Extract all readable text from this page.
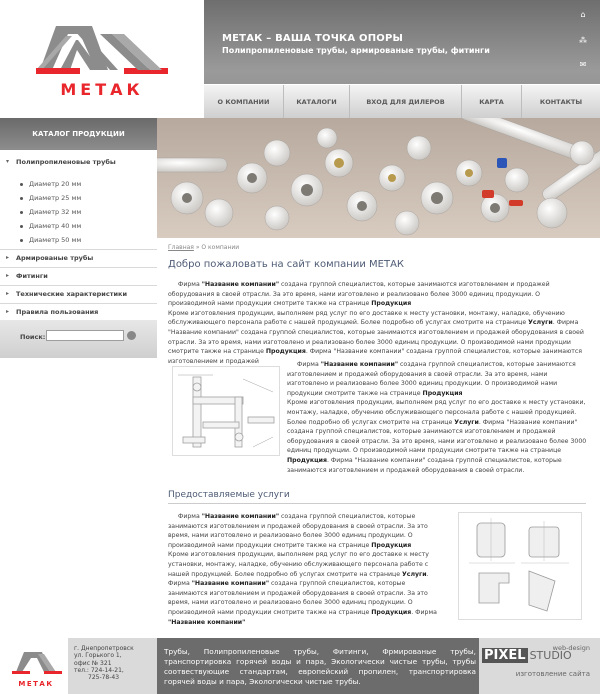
МЕТАК
МЕТАК – ВАША ТОЧКА ОПОРЫ
Полипропиленовые трубы, армированые трубы, фитинги
⌂
⁂
✉
О КОМПАНИИ	КАТАЛОГИ	ВХОД ДЛЯ ДИЛЕРОВ	КАРТА	КОНТАКТЫ
КАТАЛОГ ПРОДУКЦИИ
▾ Полипропиленовые трубы
Диаметр 20 мм
Диаметр 25 мм
Диаметр 32 мм
Диаметр 40 мм
Диаметр 50 мм
▸ Армированые трубы
▸ Фитинги
▸ Технические характеристики
▸ Правила пользования
Поиск:
Главная » О компании
Добро пожаловать на сайт компании МЕТАК
Фирма "Название компании" создана группой специалистов, которые занимаются изготовлением и продажей оборудования в своей отрасли. За это время, нами изготовлено и реализовано более 3000 единиц продукции. О производимой нами продукции смотрите также на странице Продукция
Кроме изготовления продукции, выполняем ряд услуг по его доставке к месту установки, монтажу, наладке, обучению обслуживающего персонала работе с нашей продукцией. Более подробно об услугах смотрите на странице Услуги. Фирма "Название компании" создана группой специалистов, которые занимаются изготовлением и продажей оборудования в своей отрасли. За это время, нами изготовлено и реализовано более 3000 единиц продукции. О производимой нами продукции смотрите также на странице Продукция. Фирма "Название компании" создана группой специалистов, которые занимаются изготовлением и продажей	Фирма "Название компании" создана группой специалистов, которые занимаются изготовлением и продажей оборудования в своей отрасли. За это время, нами изготовлено и реализовано более 3000 единиц продукции. О производимой нами продукции смотрите также на странице Продукция
Кроме изготовления продукции, выполняем ряд услуг по его доставке к месту установки, монтажу, наладке, обучению обслуживающего персонала работе с нашей продукцией. Более подробно об услугах смотрите на странице Услуги. Фирма "Название компании" создана группой специалистов, которые занимаются изготовлением и продажей оборудования в своей отрасли. За это время, нами изготовлено и реализовано более 3000 единиц продукции. О производимой нами продукции смотрите также на странице Продукция. Фирма "Название компании" создана группой специалистов, которые занимаются изготовлением и продажей оборудования в своей отрасли.
Предоставляемые услуги
Фирма "Название компании" создана группой специалистов, которые занимаются изготовлением и продажей оборудования в своей отрасли. За это время, нами изготовлено и реализовано более 3000 единиц продукции. О производимой нами продукции смотрите также на странице Продукция
Кроме изготовления продукции, выполняем ряд услуг по его доставке к месту установки, монтажу, наладке, обучению обслуживающего персонала работе с нашей продукцией. Более подробно об услугах смотрите на странице Услуги. Фирма "Название компании" создана группой специалистов, которые занимаются изготовлением и продажей оборудования в своей отрасли. За это время, нами изготовлено и реализовано более 3000 единиц продукции. О производимой нами продукции смотрите также на странице Продукция. Фирма "Название компании"
МЕТАК
г. Днепропетровск
ул. Горького 1,
офис № 321
тел.: 724-14-21,
725-78-43
Трубы, Полипропиленовые трубы, Фитинги, Фрмированые трубы, транспортировка горячей воды и пара, Экологически чистые трубы, трубы соотвествующие стандартам, европейский пропилен, транспортировка горячей воды и пара, Экологически чистые трубы.
PIXEL STUDIO
web-design
изготовление сайта
